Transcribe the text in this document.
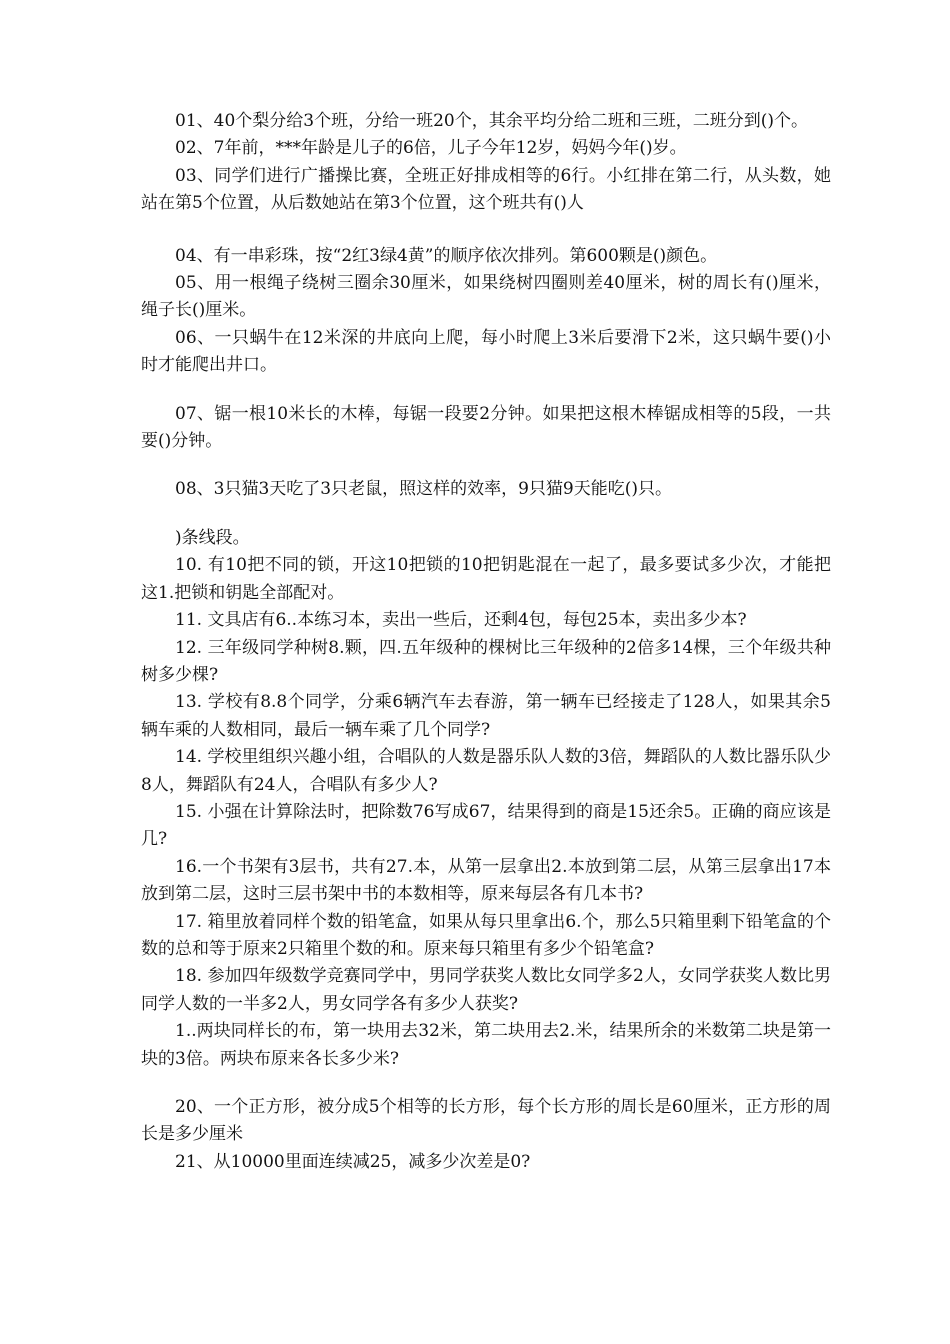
01、40个梨分给3个班，分给一班20个，其余平均分给二班和三班，二班分到()个。

02、7年前，***年龄是儿子的6倍，儿子今年12岁，妈妈今年()岁。

03、同学们进行广播操比赛，全班正好排成相等的6行。小红排在第二行，从头数，她站在第5个位置，从后数她站在第3个位置，这个班共有()人

04、有一串彩珠，按“2红3绿4黄”的顺序依次排列。第600颗是()颜色。

05、用一根绳子绕树三圈余30厘米，如果绕树四圈则差40厘米，树的周长有()厘米，绳子长()厘米。

06、一只蜗牛在12米深的井底向上爬，每小时爬上3米后要滑下2米，这只蜗牛要()小时才能爬出井口。

07、锯一根10米长的木棒，每锯一段要2分钟。如果把这根木棒锯成相等的5段，一共要()分钟。

08、3只猫3天吃了3只老鼠，照这样的效率，9只猫9天能吃()只。

)条线段。

10. 有10把不同的锁，开这10把锁的10把钥匙混在一起了，最多要试多少次，才能把这1.把锁和钥匙全部配对。

11. 文具店有6..本练习本，卖出一些后，还剩4包，每包25本，卖出多少本?

12. 三年级同学种树8.颗，四.五年级种的棵树比三年级种的2倍多14棵，三个年级共种树多少棵?

13. 学校有8.8个同学，分乘6辆汽车去春游，第一辆车已经接走了128人，如果其余5辆车乘的人数相同，最后一辆车乘了几个同学?

14. 学校里组织兴趣小组，合唱队的人数是器乐队人数的3倍，舞蹈队的人数比器乐队少8人，舞蹈队有24人，合唱队有多少人?

15. 小强在计算除法时，把除数76写成67，结果得到的商是15还余5。正确的商应该是几?

16.一个书架有3层书，共有27.本，从第一层拿出2.本放到第二层，从第三层拿出17本放到第二层，这时三层书架中书的本数相等，原来每层各有几本书?

17. 箱里放着同样个数的铅笔盒，如果从每只里拿出6.个，那么5只箱里剩下铅笔盒的个数的总和等于原来2只箱里个数的和。原来每只箱里有多少个铅笔盒?

18. 参加四年级数学竞赛同学中，男同学获奖人数比女同学多2人，女同学获奖人数比男同学人数的一半多2人，男女同学各有多少人获奖?

1..两块同样长的布，第一块用去32米，第二块用去2.米，结果所余的米数第二块是第一块的3倍。两块布原来各长多少米?

20、一个正方形，被分成5个相等的长方形，每个长方形的周长是60厘米，正方形的周长是多少厘米

21、从10000里面连续减25，减多少次差是0?
